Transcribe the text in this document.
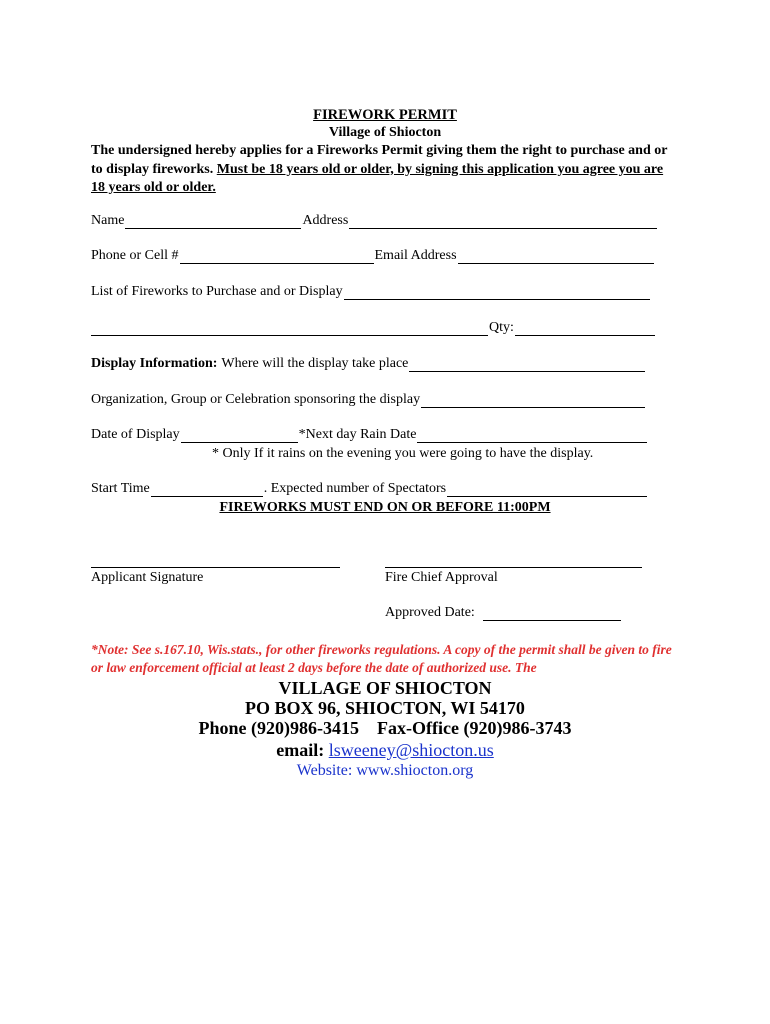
FIREWORK PERMIT
Village of Shiocton
The undersigned hereby applies for a Fireworks Permit giving them the right to purchase and or to display fireworks. Must be 18 years old or older, by signing this application you agree you are 18 years old or older.
Name	Address
Phone or Cell #	Email Address
List of Fireworks to Purchase and or Display
Qty:
Display Information: Where will the display take place
Organization, Group or Celebration sponsoring the display
Date of Display	*Next day Rain Date
* Only If it rains on the evening you were going to have the display.
Start Time	. Expected number of Spectators
FIREWORKS MUST END ON OR BEFORE 11:00PM
Applicant Signature	Fire Chief Approval
Approved Date:
*Note: See s.167.10, Wis.stats., for other fireworks regulations. A copy of the permit shall be given to fire or law enforcement official at least 2 days before the date of authorized use. The
VILLAGE OF SHIOCTON
PO BOX 96, SHIOCTON, WI 54170
Phone (920)986-3415 Fax-Office (920)986-3743
email: lsweeney@shiocton.us
Website: www.shiocton.org
